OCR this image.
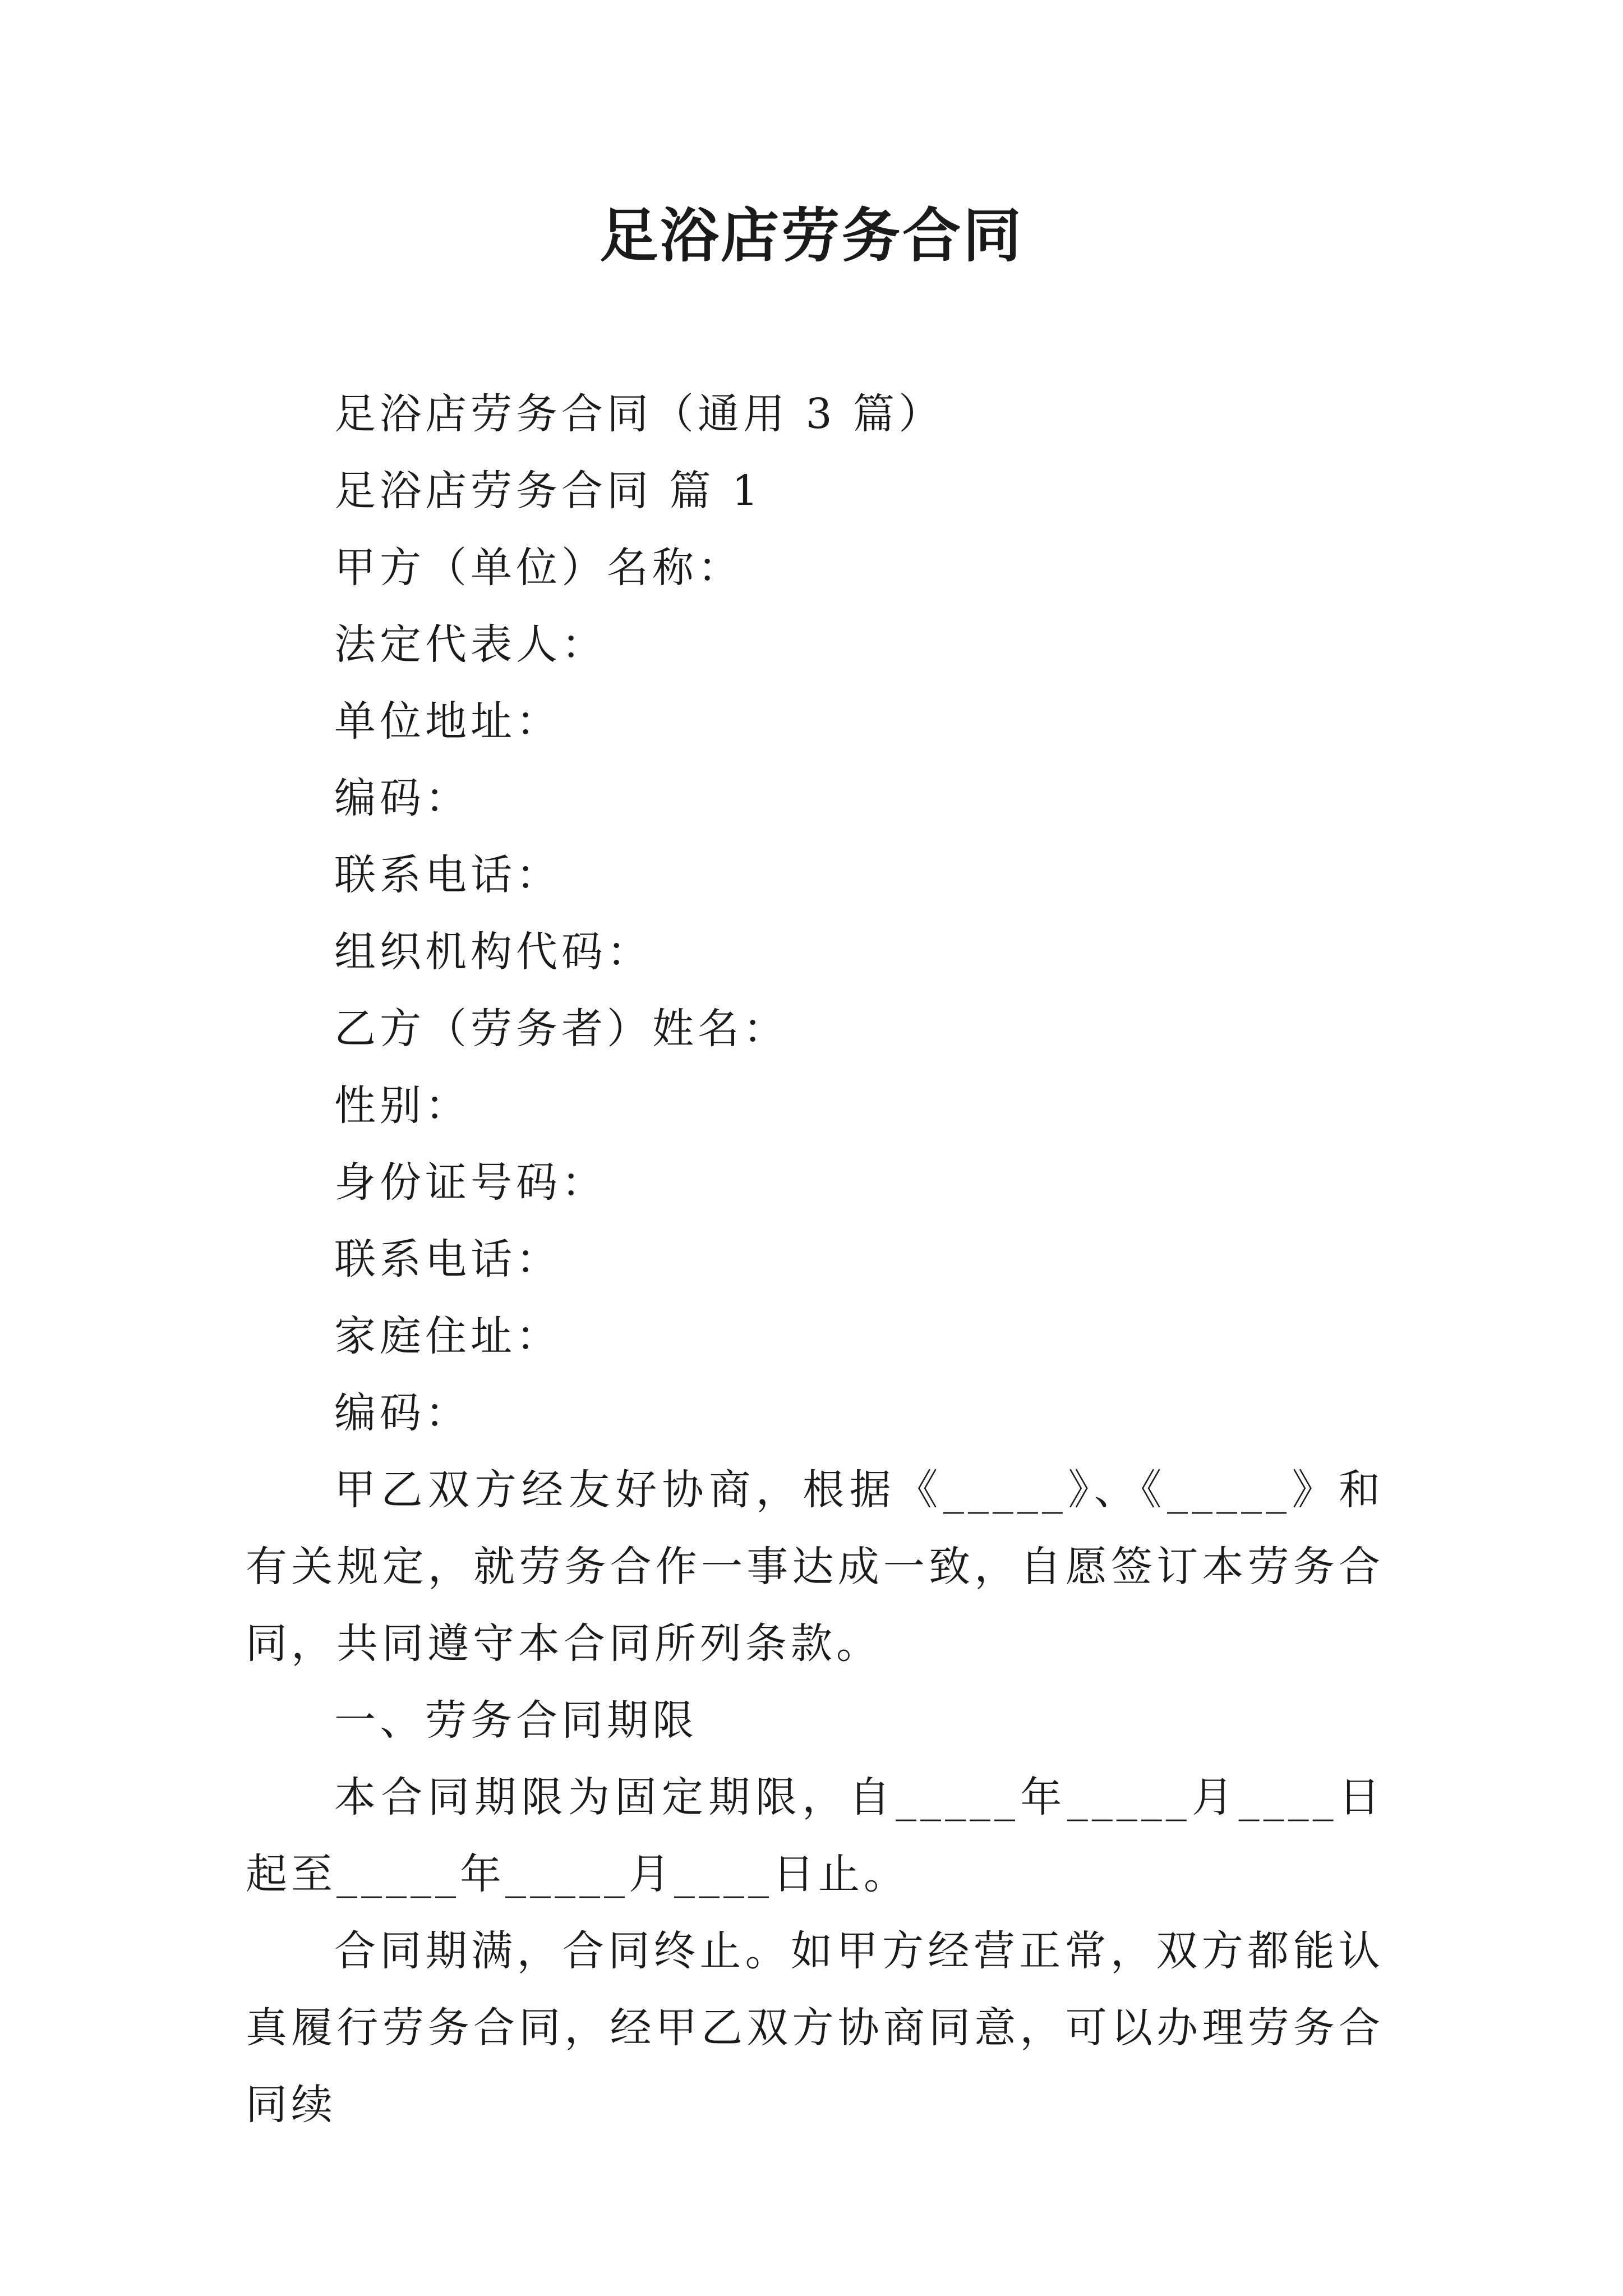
足浴店劳务合同

足浴店劳务合同（通用 3 篇）

足浴店劳务合同 篇 1

甲方（单位）名称：

法定代表人：

单位地址：

编码：

联系电话：

组织机构代码：

乙方（劳务者）姓名：

性别：

身份证号码：

联系电话：

家庭住址：

编码：

甲乙双方经友好协商，根据《_____》、《_____》和有关规定，就劳务合作一事达成一致，自愿签订本劳务合同，共同遵守本合同所列条款。

一、劳务合同期限

本合同期限为固定期限，自_____年_____月____日起至_____年_____月____日止。

合同期满，合同终止。如甲方经营正常，双方都能认真履行劳务合同，经甲乙双方协商同意，可以办理劳务合同续
